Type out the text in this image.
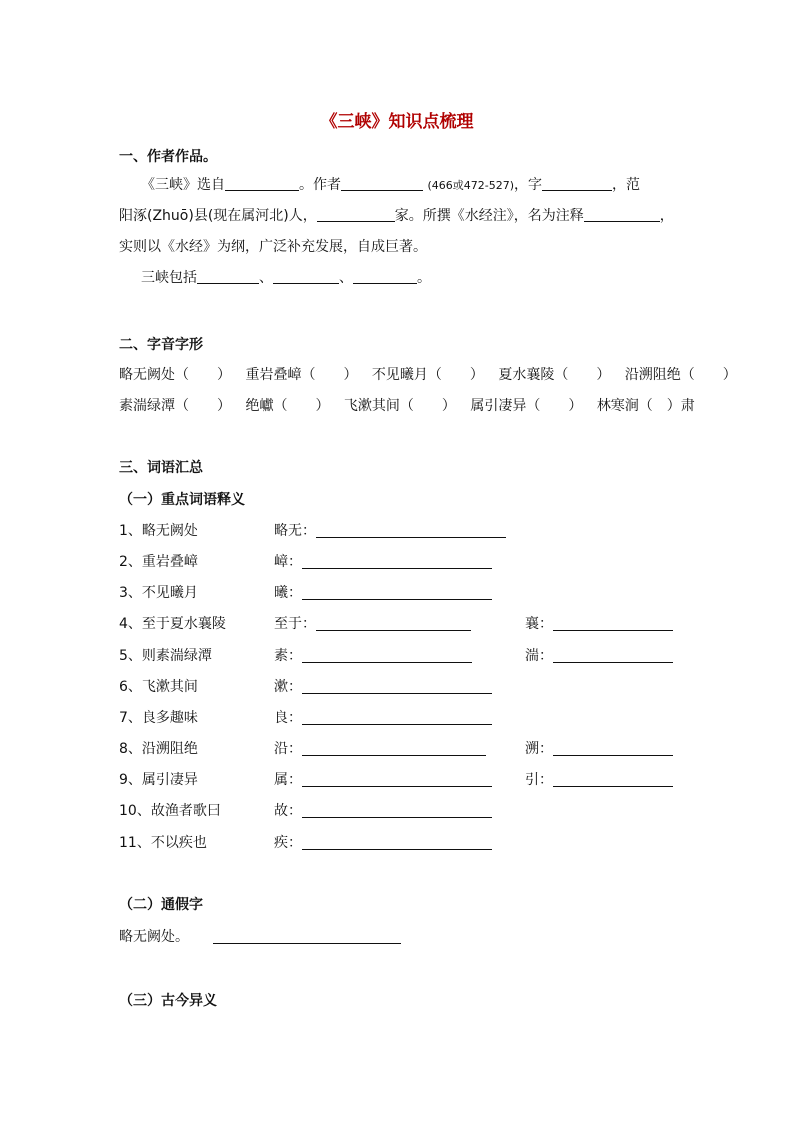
《三峡》知识点梳理
一、作者作品。
《三峡》选自	。作者	(466或472-527)，字	，范
阳涿(Zhuō)县(现在属河北)人，	家。所撰《水经注》，名为注释	，
实则以《水经》为纲，广泛补充发展，自成巨著。
三峡包括	、	、	。
二、字音字形
略无阙处（　　） 重岩叠嶂（　　） 不见曦月（　　） 夏水襄陵（　　） 沿溯阻绝（　　）
素湍绿潭（　　） 绝巘（　　） 飞漱其间（　　） 属引凄异（　　） 林寒涧（　）肃
三、词语汇总
（一）重点词语释义
1、略无阙处	略无：
2、重岩叠嶂	嶂：
3、不见曦月	曦：
4、至于夏水襄陵	至于：	襄：
5、则素湍绿潭	素：	湍：
6、飞漱其间	漱：
7、良多趣味	良：
8、沿溯阻绝	沿：	溯：
9、属引凄异	属：	引：
10、故渔者歌曰	故：
11、不以疾也	疾：
（二）通假字
略无阙处。
（三）古今异义
